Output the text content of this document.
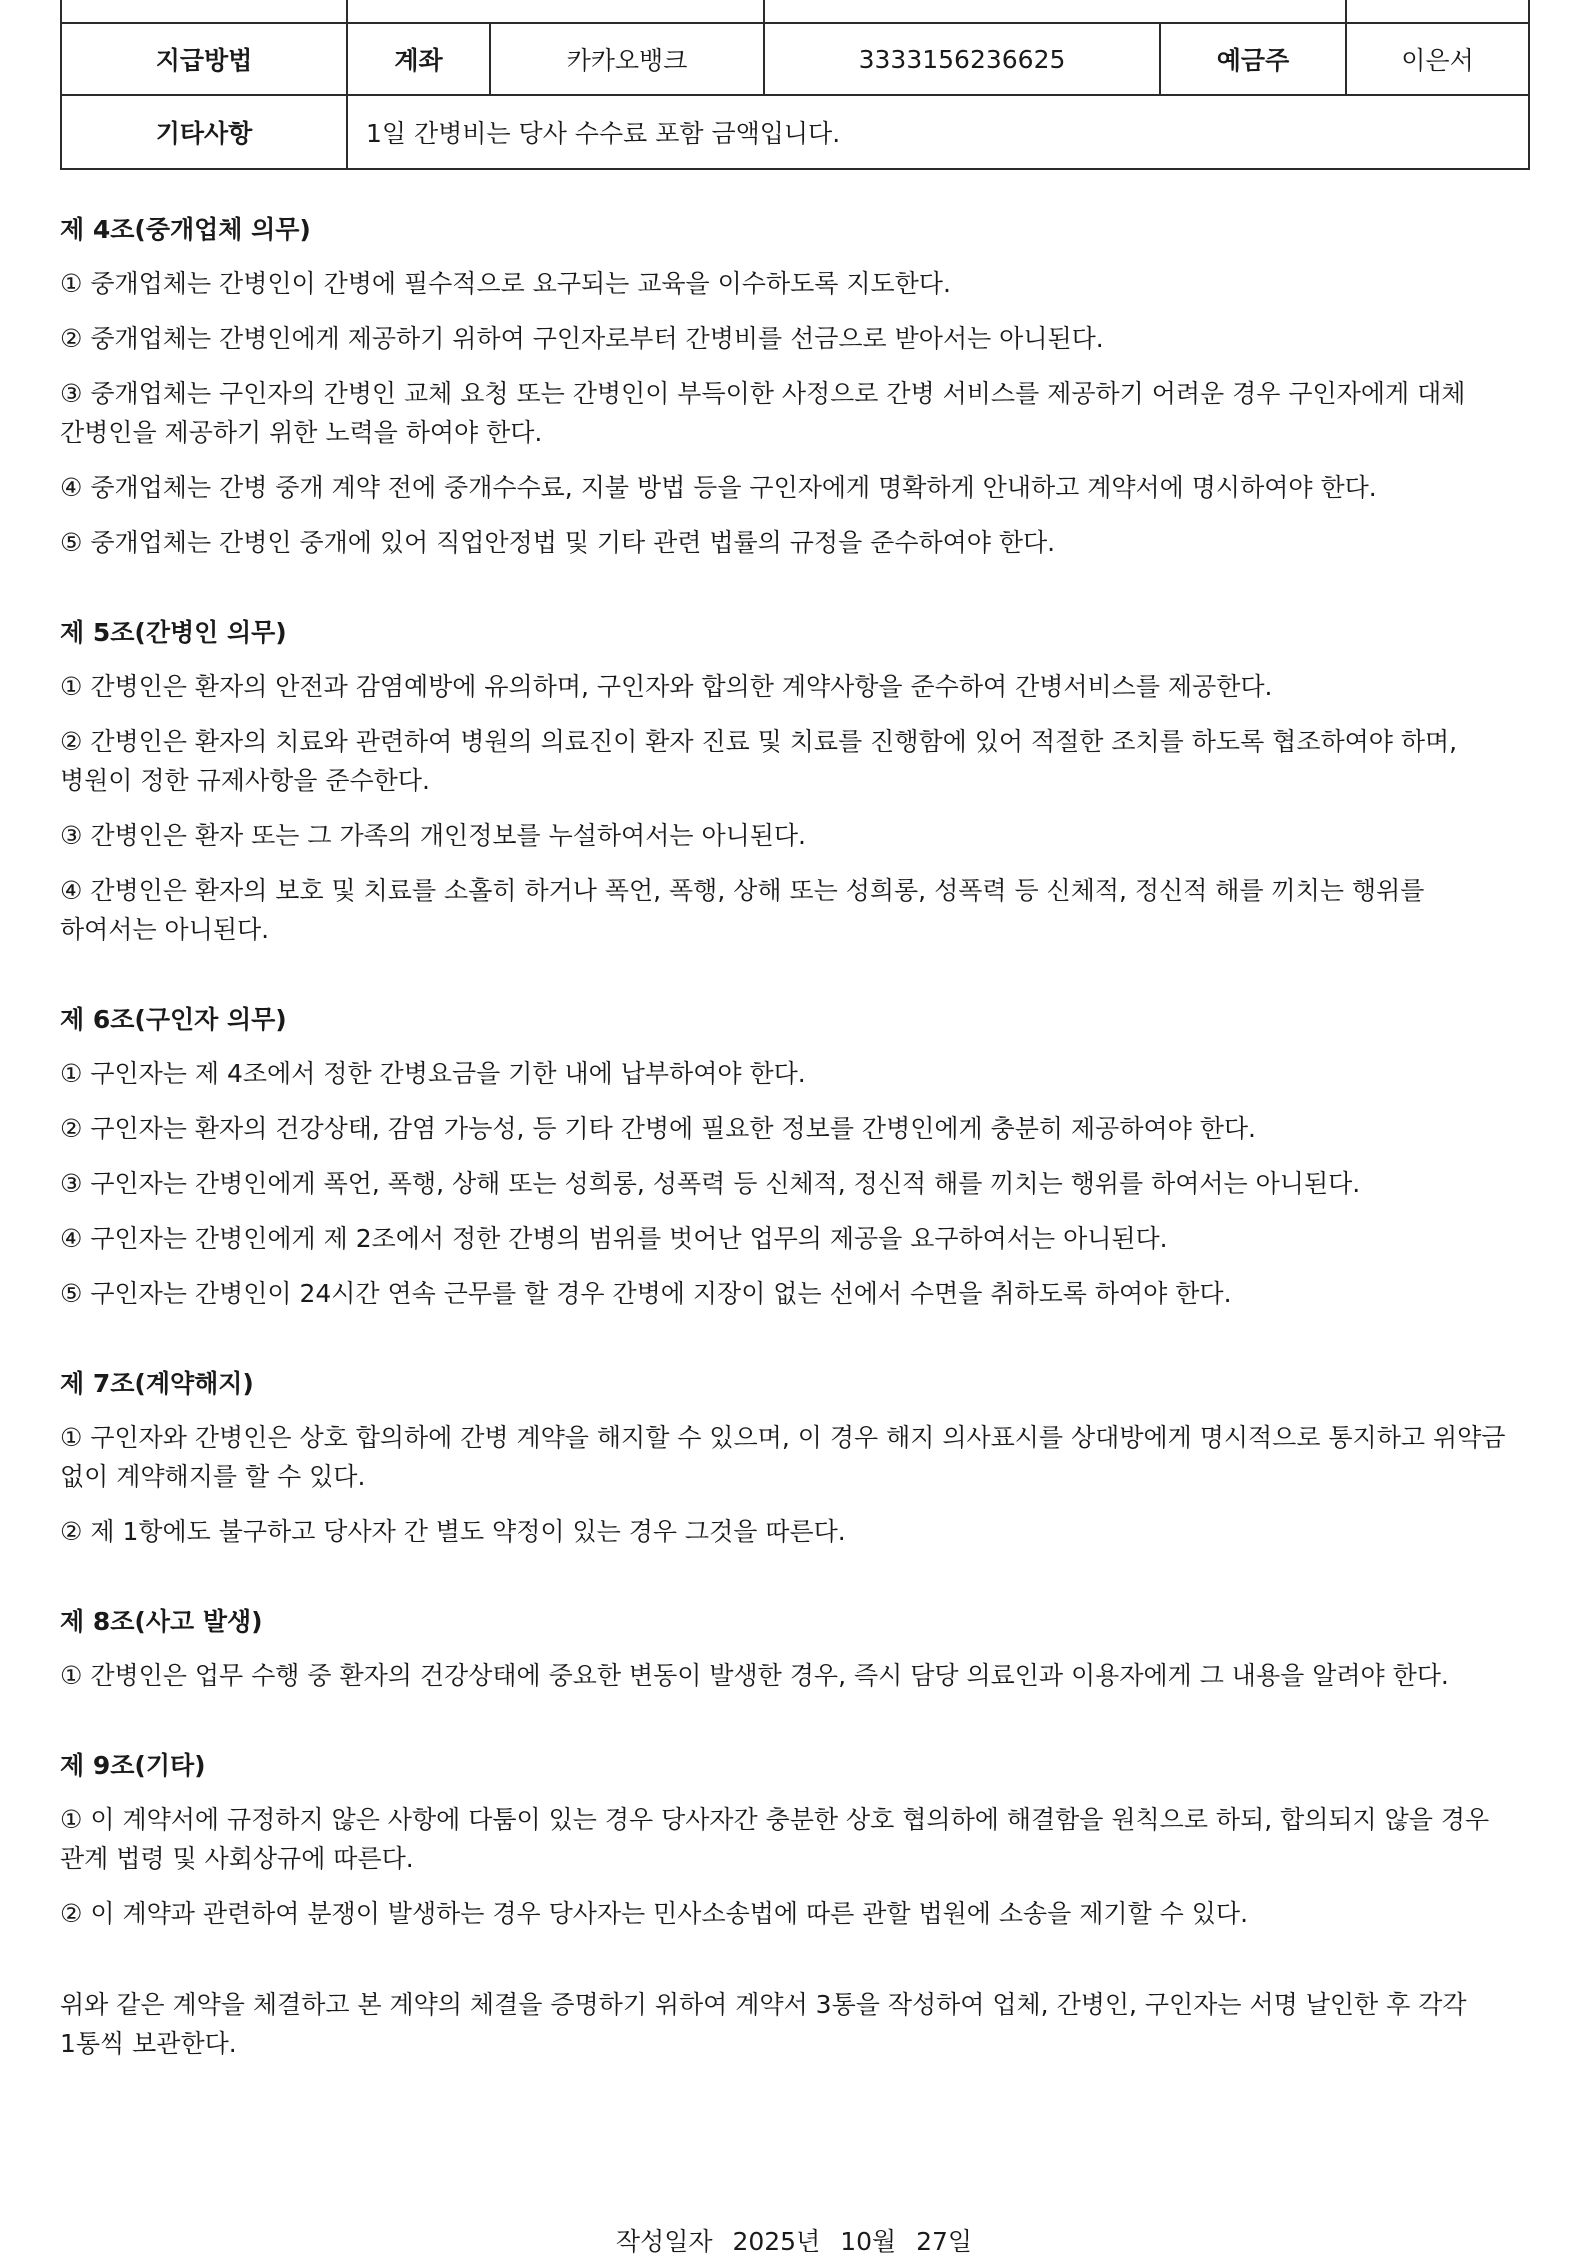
지급방법	계좌	카카오뱅크	3333156236625	예금주	이은서
기타사항	1일 간병비는 당사 수수료 포함 금액입니다.				
제 4조(중개업체 의무)
① 중개업체는 간병인이 간병에 필수적으로 요구되는 교육을 이수하도록 지도한다.
② 중개업체는 간병인에게 제공하기 위하여 구인자로부터 간병비를 선금으로 받아서는 아니된다.
③ 중개업체는 구인자의 간병인 교체 요청 또는 간병인이 부득이한 사정으로 간병 서비스를 제공하기 어려운 경우 구인자에게 대체 간병인을 제공하기 위한 노력을 하여야 한다.
④ 중개업체는 간병 중개 계약 전에 중개수수료, 지불 방법 등을 구인자에게 명확하게 안내하고 계약서에 명시하여야 한다.
⑤ 중개업체는 간병인 중개에 있어 직업안정법 및 기타 관련 법률의 규정을 준수하여야 한다.
제 5조(간병인 의무)
① 간병인은 환자의 안전과 감염예방에 유의하며, 구인자와 합의한 계약사항을 준수하여 간병서비스를 제공한다.
② 간병인은 환자의 치료와 관련하여 병원의 의료진이 환자 진료 및 치료를 진행함에 있어 적절한 조치를 하도록 협조하여야 하며, 병원이 정한 규제사항을 준수한다.
③ 간병인은 환자 또는 그 가족의 개인정보를 누설하여서는 아니된다.
④ 간병인은 환자의 보호 및 치료를 소홀히 하거나 폭언, 폭행, 상해 또는 성희롱, 성폭력 등 신체적, 정신적 해를 끼치는 행위를 하여서는 아니된다.
제 6조(구인자 의무)
① 구인자는 제 4조에서 정한 간병요금을 기한 내에 납부하여야 한다.
② 구인자는 환자의 건강상태, 감염 가능성, 등 기타 간병에 필요한 정보를 간병인에게 충분히 제공하여야 한다.
③ 구인자는 간병인에게 폭언, 폭행, 상해 또는 성희롱, 성폭력 등 신체적, 정신적 해를 끼치는 행위를 하여서는 아니된다.
④ 구인자는 간병인에게 제 2조에서 정한 간병의 범위를 벗어난 업무의 제공을 요구하여서는 아니된다.
⑤ 구인자는 간병인이 24시간 연속 근무를 할 경우 간병에 지장이 없는 선에서 수면을 취하도록 하여야 한다.
제 7조(계약해지)
① 구인자와 간병인은 상호 합의하에 간병 계약을 해지할 수 있으며, 이 경우 해지 의사표시를 상대방에게 명시적으로 통지하고 위약금 없이 계약해지를 할 수 있다.
② 제 1항에도 불구하고 당사자 간 별도 약정이 있는 경우 그것을 따른다.
제 8조(사고 발생)
① 간병인은 업무 수행 중 환자의 건강상태에 중요한 변동이 발생한 경우, 즉시 담당 의료인과 이용자에게 그 내용을 알려야 한다.
제 9조(기타)
① 이 계약서에 규정하지 않은 사항에 다툼이 있는 경우 당사자간 충분한 상호 협의하에 해결함을 원칙으로 하되, 합의되지 않을 경우 관계 법령 및 사회상규에 따른다.
② 이 계약과 관련하여 분쟁이 발생하는 경우 당사자는 민사소송법에 따른 관할 법원에 소송을 제기할 수 있다.
위와 같은 계약을 체결하고 본 계약의 체결을 증명하기 위하여 계약서 3통을 작성하여 업체, 간병인, 구인자는 서명 날인한 후 각각 1통씩 보관한다.
작성일자 2025년 10월 27일
